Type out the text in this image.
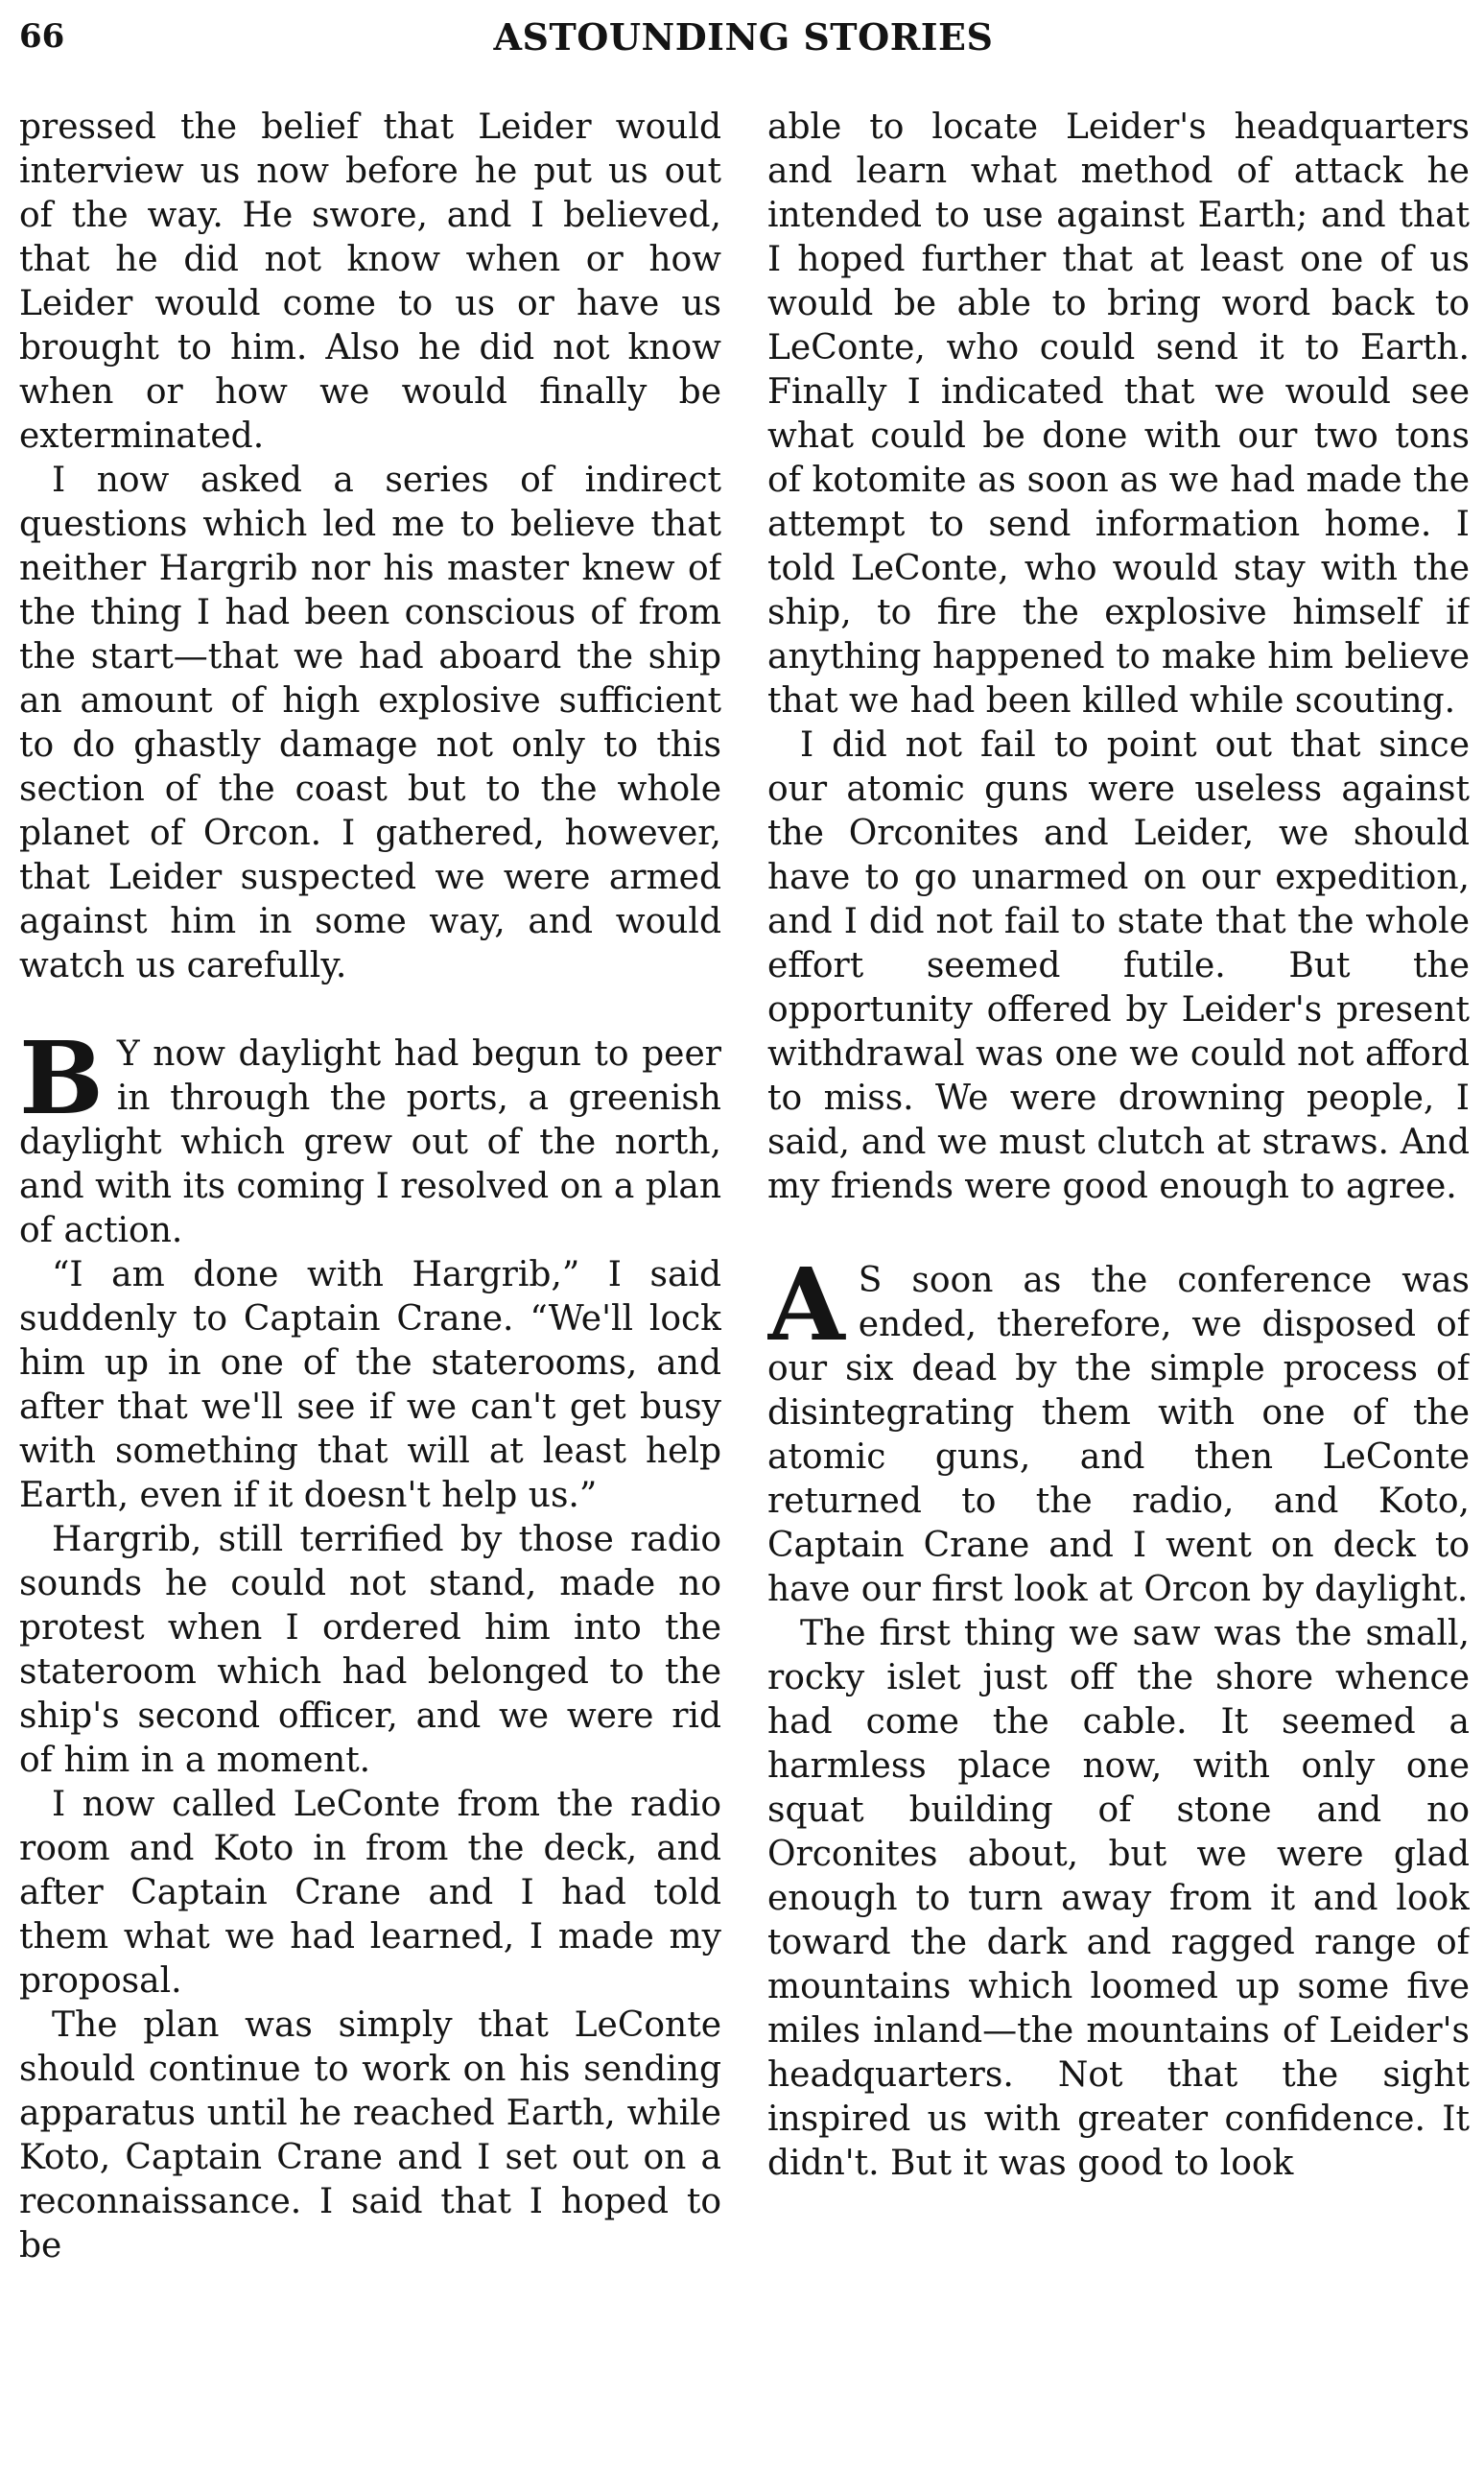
66	ASTOUNDING STORIES

pressed the belief that Leider would interview us now before he put us out of the way. He swore, and I believed, that he did not know when or how Leider would come to us or have us brought to him. Also he did not know when or how we would finally be exterminated.

I now asked a series of indirect questions which led me to believe that neither Hargrib nor his master knew of the thing I had been conscious of from the start—that we had aboard the ship an amount of high explosive sufficient to do ghastly damage not only to this section of the coast but to the whole planet of Orcon. I gathered, however, that Leider suspected we were armed against him in some way, and would watch us carefully.

B Y now daylight had begun to peer in through the ports, a greenish daylight which grew out of the north, and with its coming I resolved on a plan of action.

“I am done with Hargrib,” I said suddenly to Captain Crane. “We'll lock him up in one of the staterooms, and after that we'll see if we can't get busy with something that will at least help Earth, even if it doesn't help us.”

Hargrib, still terrified by those radio sounds he could not stand, made no protest when I ordered him into the stateroom which had belonged to the ship's second officer, and we were rid of him in a moment.

I now called LeConte from the radio room and Koto in from the deck, and after Captain Crane and I had told them what we had learned, I made my proposal.

The plan was simply that LeConte should continue to work on his sending apparatus until he reached Earth, while Koto, Captain Crane and I set out on a reconnaissance. I said that I hoped to be

able to locate Leider's headquarters and learn what method of attack he intended to use against Earth; and that I hoped further that at least one of us would be able to bring word back to LeConte, who could send it to Earth. Finally I indicated that we would see what could be done with our two tons of kotomite as soon as we had made the attempt to send information home. I told LeConte, who would stay with the ship, to fire the explosive himself if anything happened to make him believe that we had been killed while scouting.

I did not fail to point out that since our atomic guns were useless against the Orconites and Leider, we should have to go unarmed on our expedition, and I did not fail to state that the whole effort seemed futile. But the opportunity offered by Leider's present withdrawal was one we could not afford to miss. We were drowning people, I said, and we must clutch at straws. And my friends were good enough to agree.

A S soon as the conference was ended, therefore, we disposed of our six dead by the simple process of disintegrating them with one of the atomic guns, and then LeConte returned to the radio, and Koto, Captain Crane and I went on deck to have our first look at Orcon by daylight.

The first thing we saw was the small, rocky islet just off the shore whence had come the cable. It seemed a harmless place now, with only one squat building of stone and no Orconites about, but we were glad enough to turn away from it and look toward the dark and ragged range of mountains which loomed up some five miles inland—the mountains of Leider's headquarters. Not that the sight inspired us with greater confidence. It didn't. But it was good to look
